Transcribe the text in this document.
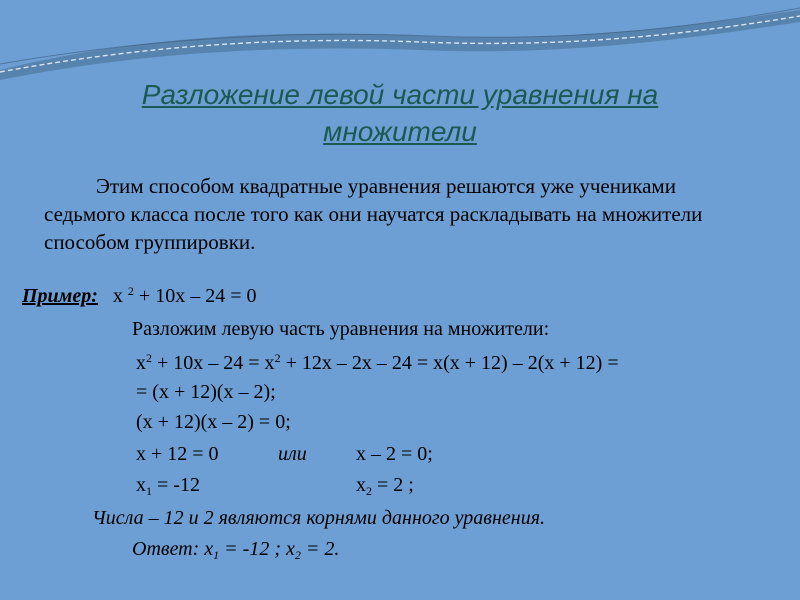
Разложение левой части уравнения на
множители
Этим способом квадратные уравнения решаются уже учениками седьмого класса после того как они научатся раскладывать на множители способом группировки.
Пример: x $^2$ + 10x – 24 = 0
Разложим левую часть уравнения на множители:
$x^2 + 10x - 24 = x^2 + 12x - 2x - 24 = x(x + 12) - 2(x + 12)$ =
= (x + 12)(x – 2);
(x + 12)(x – 2) = 0;
x + 12 = 0	или x – 2 = 0;
$x_1 = -12$	$x_2 = 2$ ;
Числа – 12 и 2 являются корнями данного уравнения.
Ответ: $x_1 = -12$ ; $x_2 = 2$.
